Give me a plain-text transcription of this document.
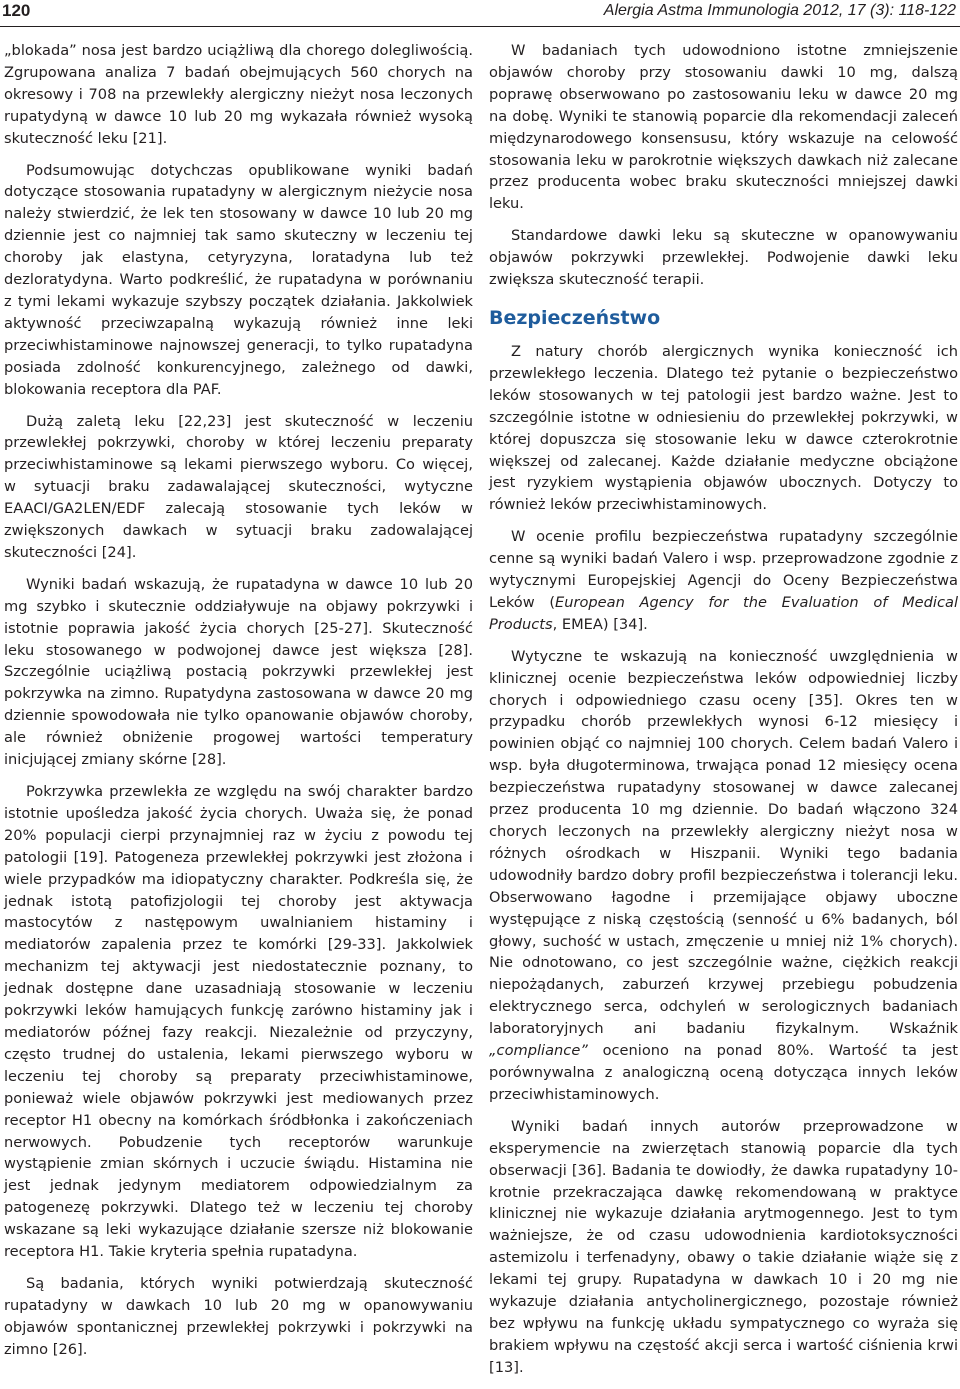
120	Alergia Astma Immunologia 2012, 17 (3): 118-122

„blokada” nosa jest bardzo uciążliwą dla chorego dolegliwością. Zgrupowana analiza 7 badań obejmujących 560 chorych na okresowy i 708 na przewlekły alergiczny nieżyt nosa leczonych rupatydyną w dawce 10 lub 20 mg wykazała również wysoką skuteczność leku [21].

Podsumowując dotychczas opublikowane wyniki badań dotyczące stosowania rupatadyny w alergicznym nieżycie nosa należy stwierdzić, że lek ten stosowany w dawce 10 lub 20 mg dziennie jest co najmniej tak samo skuteczny w leczeniu tej choroby jak elastyna, cetyryzyna, loratadyna lub też dezloratydyna. Warto podkreślić, że rupatadyna w porównaniu z tymi lekami wykazuje szybszy początek działania. Jakkolwiek aktywność przeciwzapalną wykazują również inne leki przeciwhistaminowe najnowszej generacji, to tylko rupatadyna posiada zdolność konkurencyjnego, zależnego od dawki, blokowania receptora dla PAF.

Dużą zaletą leku [22,23] jest skuteczność w leczeniu przewlekłej pokrzywki, choroby w której leczeniu preparaty przeciwhistaminowe są lekami pierwszego wyboru. Co więcej, w sytuacji braku zadawalającej skuteczności, wytyczne EAACI/GA2LEN/EDF zalecają stosowanie tych leków w zwiększonych dawkach w sytuacji braku zadowalającej skuteczności [24].

Wyniki badań wskazują, że rupatadyna w dawce 10 lub 20 mg szybko i skutecznie oddziaływuje na objawy pokrzywki i istotnie poprawia jakość życia chorych [25-27]. Skuteczność leku stosowanego w podwojonej dawce jest większa [28]. Szczególnie uciążliwą postacią pokrzywki przewlekłej jest pokrzywka na zimno. Rupatydyna zastosowana w dawce 20 mg dziennie spowodowała nie tylko opanowanie objawów choroby, ale również obniżenie progowej wartości temperatury inicjującej zmiany skórne [28].

Pokrzywka przewlekła ze względu na swój charakter bardzo istotnie upośledza jakość życia chorych. Uważa się, że ponad 20% populacji cierpi przynajmniej raz w życiu z powodu tej patologii [19]. Patogeneza przewlekłej pokrzywki jest złożona i wiele przypadków ma idiopatyczny charakter. Podkreśla się, że jednak istotą patofizjologii tej choroby jest aktywacja mastocytów z następowym uwalnianiem histaminy i mediatorów zapalenia przez te komórki [29-33]. Jakkolwiek mechanizm tej aktywacji jest niedostatecznie poznany, to jednak dostępne dane uzasadniają stosowanie w leczeniu pokrzywki leków hamujących funkcję zarówno histaminy jak i mediatorów późnej fazy reakcji. Niezależnie od przyczyny, często trudnej do ustalenia, lekami pierwszego wyboru w leczeniu tej choroby są preparaty przeciwhistaminowe, ponieważ wiele objawów pokrzywki jest mediowanych przez receptor H1 obecny na komórkach śródbłonka i zakończeniach nerwowych. Pobudzenie tych receptorów warunkuje wystąpienie zmian skórnych i uczucie świądu. Histamina nie jest jednak jedynym mediatorem odpowiedzialnym za patogenezę pokrzywki. Dlatego też w leczeniu tej choroby wskazane są leki wykazujące działanie szersze niż blokowanie receptora H1. Takie kryteria spełnia rupatadyna.

Są badania, których wyniki potwierdzają skuteczność rupatadyny w dawkach 10 lub 20 mg w opanowywaniu objawów spontanicznej przewlekłej pokrzywki i pokrzywki na zimno [26].

W badaniach tych udowodniono istotne zmniejszenie objawów choroby przy stosowaniu dawki 10 mg, dalszą poprawę obserwowano po zastosowaniu leku w dawce 20 mg na dobę. Wyniki te stanowią poparcie dla rekomendacji zaleceń międzynarodowego konsensusu, który wskazuje na celowość stosowania leku w parokrotnie większych dawkach niż zalecane przez producenta wobec braku skuteczności mniejszej dawki leku.

Standardowe dawki leku są skuteczne w opanowywaniu objawów pokrzywki przewlekłej. Podwojenie dawki leku zwiększa skuteczność terapii.

Bezpieczeństwo

Z natury chorób alergicznych wynika konieczność ich przewlekłego leczenia. Dlatego też pytanie o bezpieczeństwo leków stosowanych w tej patologii jest bardzo ważne. Jest to szczególnie istotne w odniesieniu do przewlekłej pokrzywki, w której dopuszcza się stosowanie leku w dawce czterokrotnie większej od zalecanej. Każde działanie medyczne obciążone jest ryzykiem wystąpienia objawów ubocznych. Dotyczy to również leków przeciwhistaminowych.

W ocenie profilu bezpieczeństwa rupatadyny szczególnie cenne są wyniki badań Valero i wsp. przeprowadzone zgodnie z wytycznymi Europejskiej Agencji do Oceny Bezpieczeństwa Leków (European Agency for the Evaluation of Medical Products, EMEA) [34].

Wytyczne te wskazują na konieczność uwzględnienia w klinicznej ocenie bezpieczeństwa leków odpowiedniej liczby chorych i odpowiedniego czasu oceny [35]. Okres ten w przypadku chorób przewlekłych wynosi 6-12 miesięcy i powinien objąć co najmniej 100 chorych. Celem badań Valero i wsp. była długoterminowa, trwająca ponad 12 miesięcy ocena bezpieczeństwa rupatadyny stosowanej w dawce zalecanej przez producenta 10 mg dziennie. Do badań włączono 324 chorych leczonych na przewlekły alergiczny nieżyt nosa w różnych ośrodkach w Hiszpanii. Wyniki tego badania udowodniły bardzo dobry profil bezpieczeństwa i tolerancji leku. Obserwowano łagodne i przemijające objawy uboczne występujące z niską częstością (senność u 6% badanych, ból głowy, suchość w ustach, zmęczenie u mniej niż 1% chorych). Nie odnotowano, co jest szczególnie ważne, ciężkich reakcji niepożądanych, zaburzeń krzywej przebiegu pobudzenia elektrycznego serca, odchyleń w serologicznych badaniach laboratoryjnych ani badaniu fizykalnym. Wskaźnik „compliance” oceniono na ponad 80%. Wartość ta jest porównywalna z analogiczną oceną dotycząca innych leków przeciwhistaminowych.

Wyniki badań innych autorów przeprowadzone w eksperymencie na zwierzętach stanowią poparcie dla tych obserwacji [36]. Badania te dowiodły, że dawka rupatadyny 10- krotnie przekraczająca dawkę rekomendowaną w praktyce klinicznej nie wykazuje działania arytmogennego. Jest to tym ważniejsze, że od czasu udowodnienia kardiotoksyczności astemizolu i terfenadyny, obawy o takie działanie wiąże się z lekami tej grupy. Rupatadyna w dawkach 10 i 20 mg nie wykazuje działania antycholinergicznego, pozostaje również bez wpływu na funkcję układu sympatycznego co wyraża się brakiem wpływu na częstość akcji serca i wartość ciśnienia krwi [13].
